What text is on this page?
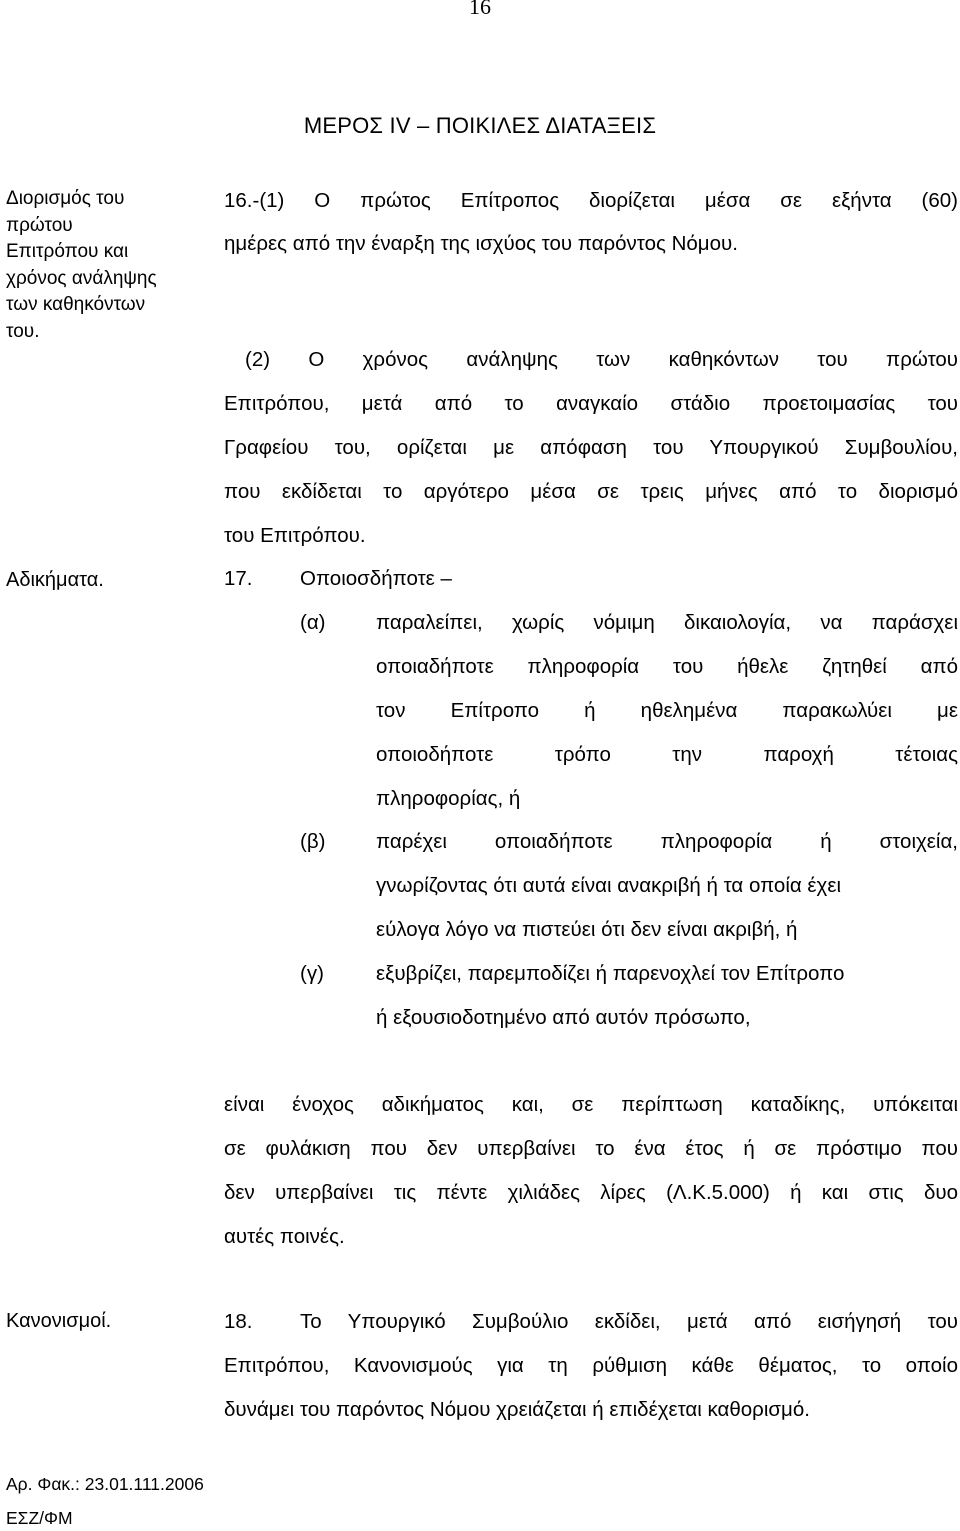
16
ΜΕΡΟΣ IV – ΠΟΙΚΙΛΕΣ ΔΙΑΤΑΞΕΙΣ
Διορισμός του
πρώτου
Επιτρόπου και
χρόνος ανάληψης
των καθηκόντων
του.
16.-(1) Ο πρώτος Επίτροπος διορίζεται μέσα σε εξήντα (60)
ημέρες από την έναρξη της ισχύος του παρόντος Νόμου.
(2) Ο χρόνος ανάληψης των καθηκόντων του πρώτου
Επιτρόπου, μετά από το αναγκαίο στάδιο προετοιμασίας του
Γραφείου του, ορίζεται με απόφαση του Υπουργικού Συμβουλίου,
που εκδίδεται το αργότερο μέσα σε τρεις μήνες από το διορισμό
του Επιτρόπου.
Αδικήματα.	17. Οποιοσδήποτε –
(α) παραλείπει, χωρίς νόμιμη δικαιολογία, να παράσχει
οποιαδήποτε πληροφορία του ήθελε ζητηθεί από
τον Επίτροπο ή ηθελημένα παρακωλύει με
οποιοδήποτε τρόπο την παροχή τέτοιας
πληροφορίας, ή
(β) παρέχει οποιαδήποτε πληροφορία ή στοιχεία,
γνωρίζοντας ότι αυτά είναι ανακριβή ή τα οποία έχει
εύλογα λόγο να πιστεύει ότι δεν είναι ακριβή, ή
(γ)	εξυβρίζει, παρεμποδίζει ή παρενοχλεί τον Επίτροπο
ή εξουσιοδοτημένο από αυτόν πρόσωπο,
είναι ένοχος αδικήματος και, σε περίπτωση καταδίκης, υπόκειται
σε φυλάκιση που δεν υπερβαίνει το ένα έτος ή σε πρόστιμο που
δεν υπερβαίνει τις πέντε χιλιάδες λίρες (Λ.Κ.5.000) ή και στις δυο
αυτές ποινές.
Κανονισμοί.	18. Το Υπουργικό Συμβούλιο εκδίδει, μετά από εισήγησή του
Επιτρόπου, Κανονισμούς για τη ρύθμιση κάθε θέματος, το οποίο
δυνάμει του παρόντος Νόμου χρειάζεται ή επιδέχεται καθορισμό.
Αρ. Φακ.: 23.01.111.2006
ΕΣΖ/ΦΜ
